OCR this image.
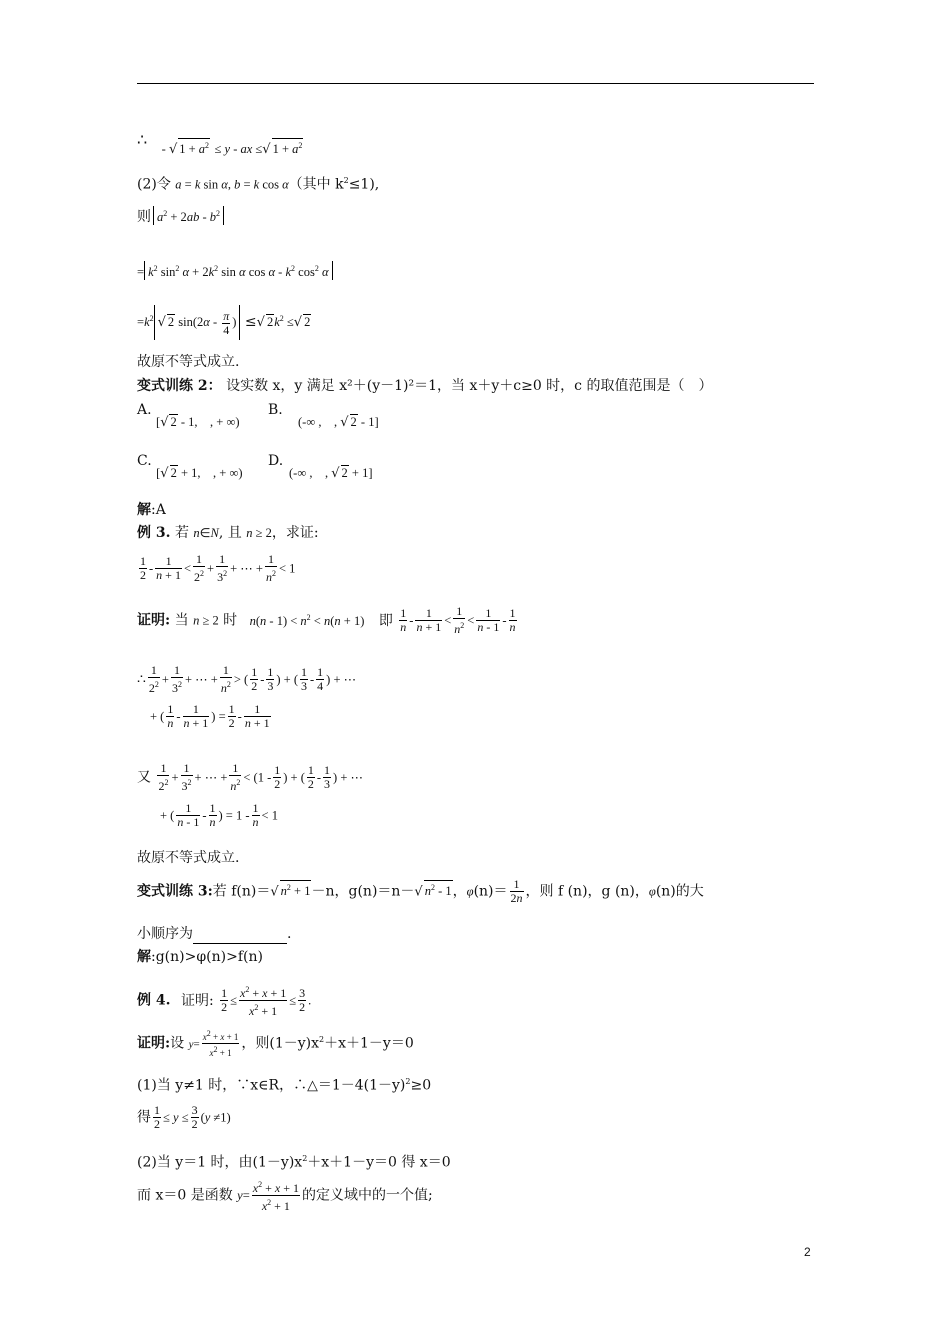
∴ - √ $1 + a^2 \le y$ - ax ≤√ $1 + a^2$
(2)令 a = k sin α, b = k cos α（其中 $k^2\le 1$),
则 $a^2 + 2ab - b^2$
= $k^2$ $\sin^2 \alpha + 2k^2$ sin α cos α - $k^2$ $\cos^2 \alpha$
$=k^2$ √ 2 $\sin(2\alpha - \frac{\pi}{4}$ ) ≤√ $2k^2$ ≤√ 2
故原不等式成立.
变式训练 2： 设实数 x，y 满足 x²＋(y－1)²＝1，当 x＋y＋c≥0 时，c 的取值范围是（　）
A. [√ 2 - 1,　, + ∞)
B.
(-∞ ,　, √ 2 - 1]
C. [√ 2 + 1,　, + ∞)
D.
(-∞ ,　, √ 2 + 1]
解:A
例 3. 若 n∈N, 且 n ≥ 2，求证:
$\frac{1}{2} - \frac{1}{n + 1} < \frac{1}{2^2} + \frac{1}{3^2}$ + ⋯ + $\frac{1}{n^2} < 1$
证明: 当 n ≥ 2 时 $n(n - 1) < n^2 < n(n + 1)$ 即 $\frac{1}{n} - \frac{1}{n + 1} < \frac{1}{n^2} < \frac{1}{n - 1} - \frac{1}{n}$
∴ $\frac{1}{2^2} + \frac{1}{3^2}$ + ⋯ + $\frac{1}{n^2}$ > ( $\frac{1}{2} - \frac{1}{3}$ ) + ( $\frac{1}{3} - \frac{1}{4}$ ) + ⋯
+ ( $\frac{1}{n} - \frac{1}{n + 1}$ ) = $\frac{1}{2} - \frac{1}{n + 1}$
又 $\frac{1}{2^2} + \frac{1}{3^2}$ + ⋯ + $\frac{1}{n^2} < (1 - \frac{1}{2}$ ) + ( $\frac{1}{2} - \frac{1}{3}$ ) + ⋯
+ ( $\frac{1}{n - 1} - \frac{1}{n}$ ) = $1 - \frac{1}{n} < 1$
故原不等式成立.
变式训练 3:若 f(n)＝√ $n^2 + 1-n$，g(n)＝n－√ $n^2 - 1$，$\varphi(n)= \frac{1}{2n}$ ，则 f (n)，g (n)，φ(n)的大
小顺序为	.
解:g(n)>φ(n)>f(n)
例 4. 证明: $\frac{1}{2} \le \frac{x^2 + x + 1}{x^2 + 1} \le \frac{3}{2}$ .
证明:设 $y= \frac{x^2 + x + 1}{x^2 + 1}$ ，则$(1-y)x^2+x+1-y=0$
(1)当 y≠1 时，∵x∈R，$\therefore\triangle=1-4(1-y)^2\ge 0$
得 $\frac{1}{2} \le y \le \frac{3}{2} (y \ne 1)$
(2)当 y＝1 时，由$(1-y)x^2+x+1-y=0$ 得 x＝0
而 x＝0 是函数 $y= \frac{x^2 + x + 1}{x^2 + 1}$ 的定义域中的一个值;
2
